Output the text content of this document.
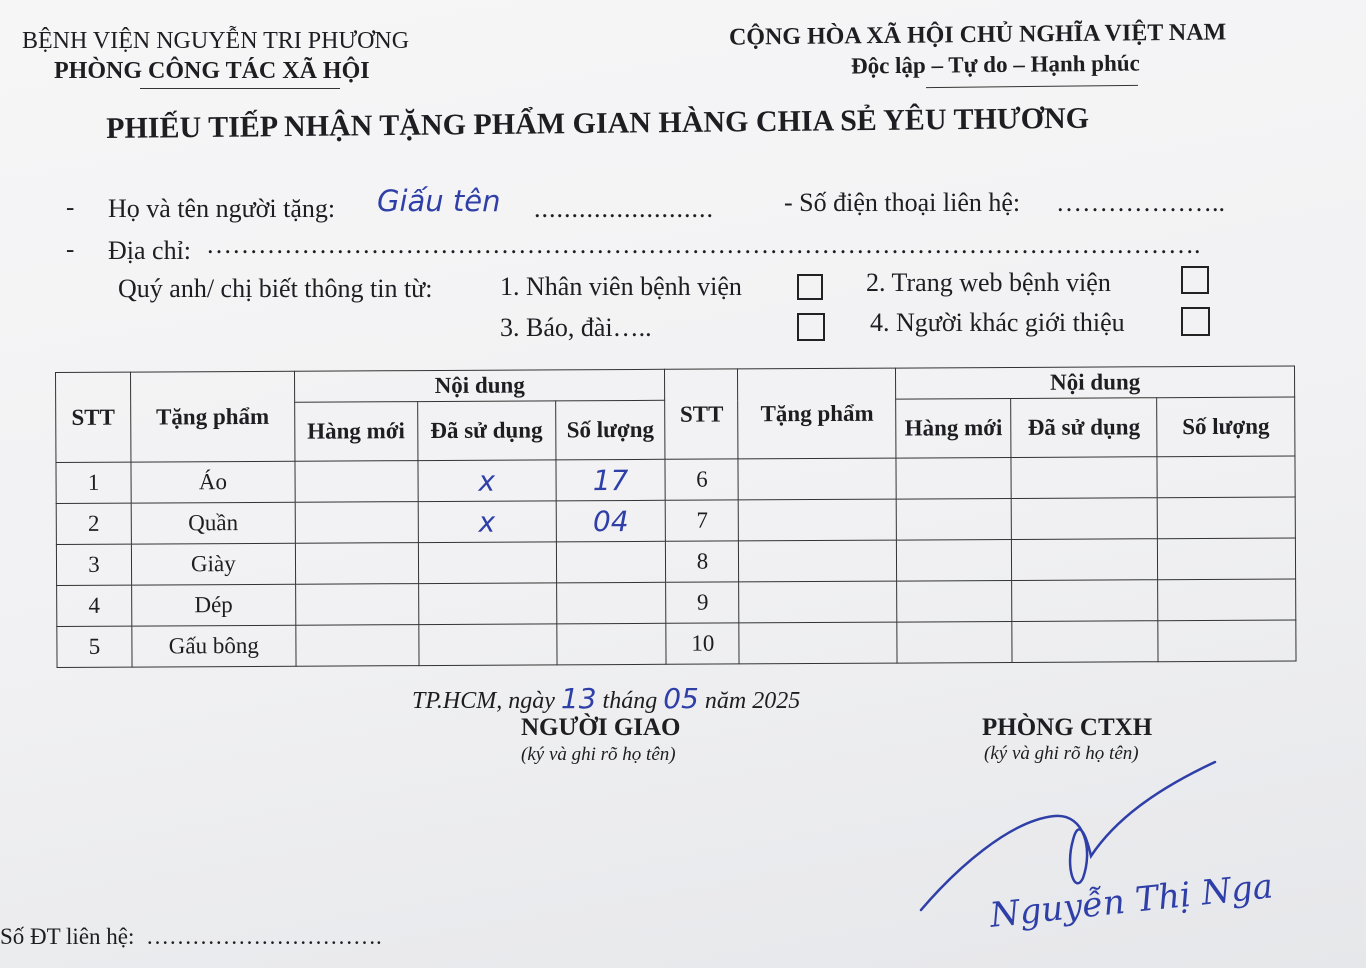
BỆNH VIỆN NGUYỄN TRI PHƯƠNG
PHÒNG CÔNG TÁC XÃ HỘI
CỘNG HÒA XÃ HỘI CHỦ NGHĨA VIỆT NAM
Độc lập – Tự do – Hạnh phúc
PHIẾU TIẾP NHẬN TẶNG PHẨM GIAN HÀNG CHIA SẺ YÊU THƯƠNG
- Họ và tên người tặng: Giấu tên ........................	- Số điện thoại liên hệ: ………………..
- Địa chỉ: …………………………………………………………………………………………………….
Quý anh/ chị biết thông tin từ:	1. Nhân viên bệnh viện	2. Trang web bệnh viện
3. Báo, đài…..	4. Người khác giới thiệu
STT	Tặng phẩm	Nội dung			STT	Tặng phẩm	Nội dung		
		Hàng mới	Đã sử dụng	Số lượng			Hàng mới	Đã sử dụng	Số lượng
1	Áo		x	17	6				
2	Quần		x	04	7				
3	Giày				8				
4	Dép				9				
5	Gấu bông				10				
TP.HCM, ngày 13 tháng 05 năm 2025
NGƯỜI GIAO
(ký và ghi rõ họ tên)
PHÒNG CTXH
(ký và ghi rõ họ tên)
Nguyễn Thị Nga
Số ĐT liên hệ: ………………………….
